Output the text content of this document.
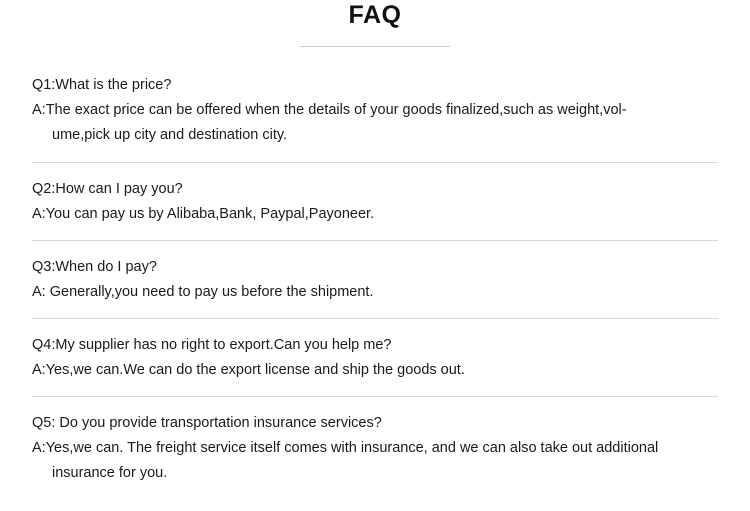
FAQ
Q1:What is the price?
A:The exact price can be offered when the details of your goods finalized,such as weight,vol-
ume,pick up city and destination city.
Q2:How can I pay you?
A:You can pay us by Alibaba,Bank, Paypal,Payoneer.
Q3:When do I pay?
A: Generally,you need to pay us before the shipment.
Q4:My supplier has no right to export.Can you help me?
A:Yes,we can.We can do the export license and ship the goods out.
Q5: Do you provide transportation insurance services?
A:Yes,we can. The freight service itself comes with insurance, and we can also take out additional
insurance for you.
